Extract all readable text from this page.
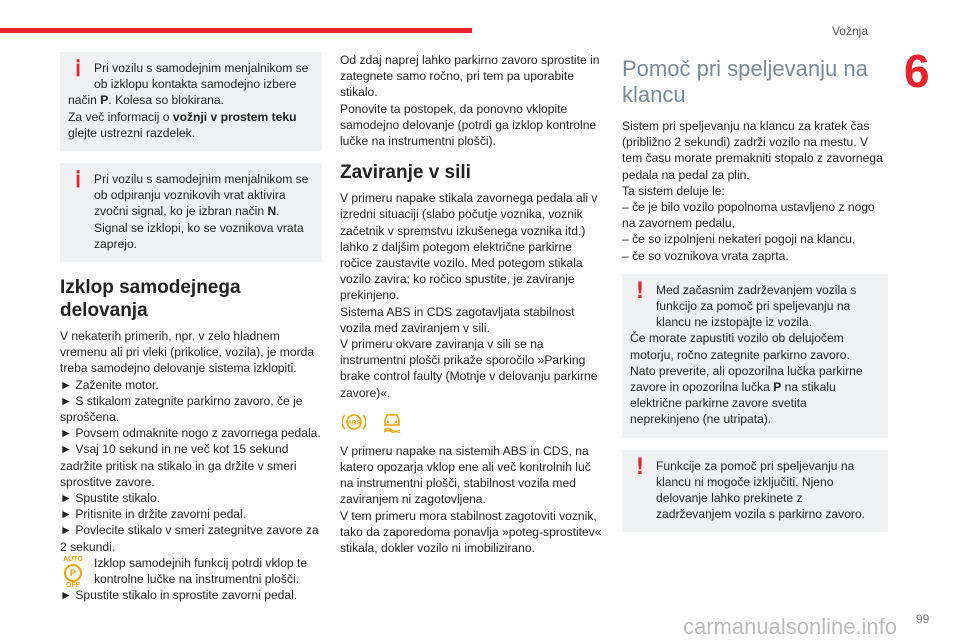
Vožnja
6
ⅰ	Pri vozilu s samodejnim menjalnikom se ob izklopu kontakta samodejno izbere

način P. Kolesa so blokirana.

Za več informacij o vožnji v prostem teku

glejte ustrezni razdelek.

ⅰ	Pri vozilu s samodejnim menjalnikom se ob odpiranju voznikovih vrat aktivira zvočni signal, ko je izbran način N. Signal se izklopi, ko se voznikova vrata zaprejo.
Izklop samodejnega delovanja

V nekaterih primerih, npr. v zelo hladnem vremenu ali pri vleki (prikolice, vozila), je morda treba samodejno delovanje sistema izklopiti.

► Zaženite motor.

► S stikalom zategnite parkirno zavoro, če je sproščena.

► Povsem odmaknite nogo z zavornega pedala.

► Vsaj 10 sekund in ne več kot 15 sekund zadržite pritisk na stikalo in ga držite v smeri sprostitve zavore.

► Spustite stikalo.

► Pritisnite in držite zavorni pedal.

► Povlecite stikalo v smeri zategnitve zavore za 2 sekundi.

AUTO
P
OFF

Izklop samodejnih funkcij potrdi vklop te kontrolne lučke na instrumentni plošči.

► Spustite stikalo in sprostite zavorni pedal.

Od zdaj naprej lahko parkirno zavoro sprostite in zategnete samo ročno, pri tem pa uporabite stikalo.

Ponovite ta postopek, da ponovno vklopite samodejno delovanje (potrdi ga izklop kontrolne lučke na instrumentni plošči).

Zaviranje v sili

V primeru napake stikala zavornega pedala ali v izredni situaciji (slabo počutje voznika, voznik začetnik v spremstvu izkušenega voznika itd.) lahko z daljšim potegom električne parkirne ročice zaustavite vozilo. Med potegom stikala vozilo zavira; ko ročico spustite, je zaviranje prekinjeno.

Sistema ABS in CDS zagotavljata stabilnost vozila med zaviranjem v sili.

V primeru okvare zaviranja v sili se na instrumentni plošči prikaže sporočilo »Parking brake control faulty (Motnje v delovanju parkirne zavore)«.

ABS

V primeru napake na sistemih ABS in CDS, na katero opozarja vklop ene ali več kontrolnih luč na instrumentni plošči, stabilnost vozila med zaviranjem ni zagotovljena.

V tem primeru mora stabilnost zagotoviti voznik, tako da zaporedoma ponavlja »poteg-sprostitev« stikala, dokler vozilo ni imobilizirano.

Pomoč pri speljevanju na klancu

Sistem pri speljevanju na klancu za kratek čas (približno 2 sekundi) zadrži vozilo na mestu. V tem času morate premakniti stopalo z zavornega pedala na pedal za plin.

Ta sistem deluje le:

– če je bilo vozilo popolnoma ustavljeno z nogo na zavornem pedalu,

– če so izpolnjeni nekateri pogoji na klancu,

– če so voznikova vrata zaprta.

! Med začasnim zadrževanjem vozila s funkcijo za pomoč pri speljevanju na klancu ne izstopajte iz vozila.

Če morate zapustiti vozilo ob delujočem motorju, ročno zategnite parkirno zavoro. Nato preverite, ali opozorilna lučka parkirne zavore in opozorilna lučka P na stikalu električne parkirne zavore svetita neprekinjeno (ne utripata).

! Funkcije za pomoč pri speljevanju na klancu ni mogoče izključiti. Njeno delovanje lahko prekinete z zadrževanjem vozila s parkirno zavoro.
carmanualsonline.info 99
